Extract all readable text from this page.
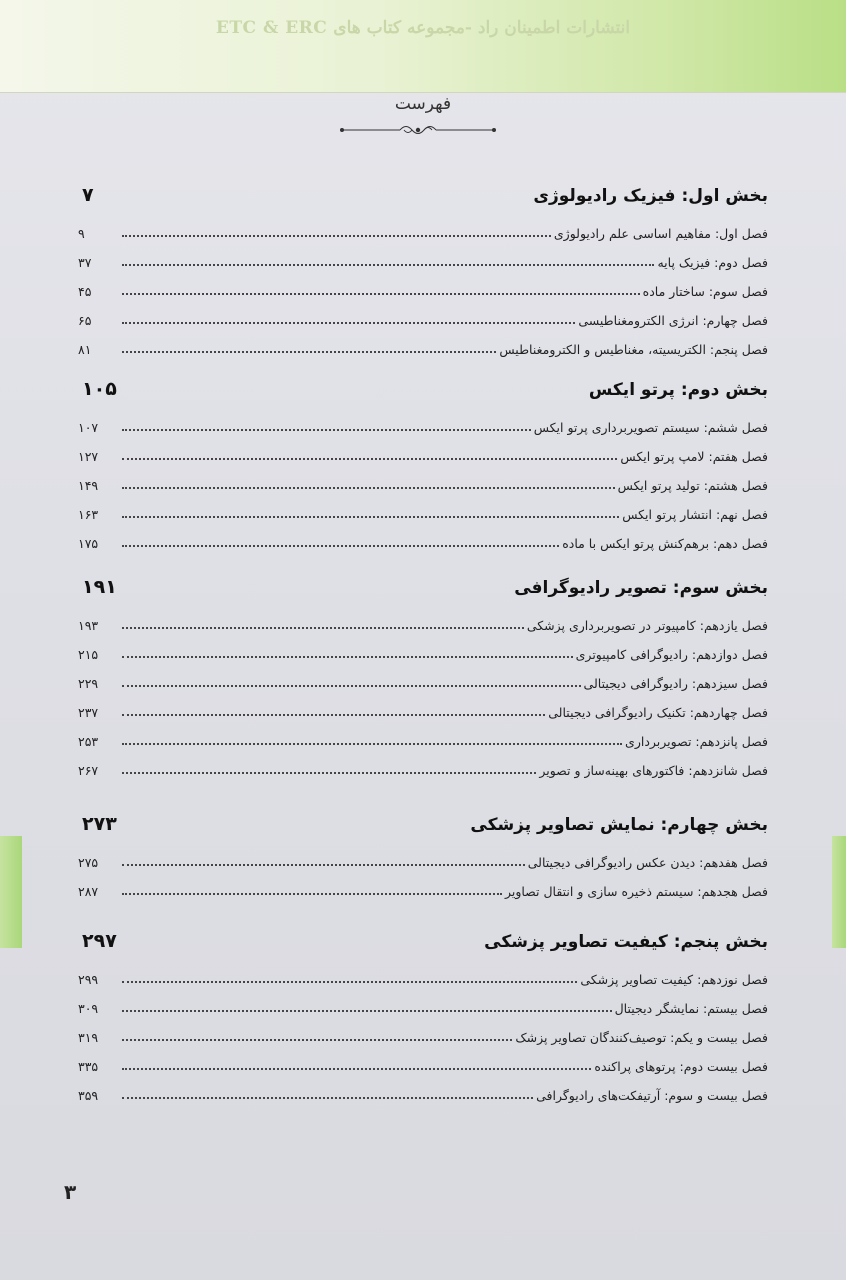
انتشارات اطمینان راد -مجموعه کتاب های ETC & ERC
فهرست
بخش اول: فیزیک رادیولوژی
۷
فصل اول: مفاهیم اساسی علم رادیولوژی
۹
فصل دوم: فیزیک پایه
۳۷
فصل سوم: ساختار ماده
۴۵
فصل چهارم: انرژی الکترومغناطیسی
۶۵
فصل پنجم: الکتریسیته، مغناطیس و الکترومغناطیس
۸۱
بخش دوم: پرتو ایکس
۱۰۵
فصل ششم: سیستم تصویربرداری پرتو ایکس
۱۰۷
فصل هفتم: لامپ پرتو ایکس
۱۲۷
فصل هشتم: تولید پرتو ایکس
۱۴۹
فصل نهم: انتشار پرتو ایکس
۱۶۳
فصل دهم: برهم‌کنش پرتو ایکس با ماده
۱۷۵
بخش سوم: تصویر رادیوگرافی
۱۹۱
فصل یازدهم: کامپیوتر در تصویربرداری پزشکی
۱۹۳
فصل دوازدهم: رادیوگرافی کامپیوتری
۲۱۵
فصل سیزدهم: رادیوگرافی دیجیتالی
۲۲۹
فصل چهاردهم: تکنیک رادیوگرافی دیجیتالی
۲۳۷
فصل پانزدهم: تصویربرداری
۲۵۳
فصل شانزدهم: فاکتورهای بهینه‌ساز و تصویر
۲۶۷
بخش چهارم: نمایش تصاویر پزشکی
۲۷۳
فصل هفدهم: دیدن عکس رادیوگرافی دیجیتالی
۲۷۵
فصل هجدهم: سیستم ذخیره سازی و انتقال تصاویر
۲۸۷
بخش پنجم: کیفیت تصاویر پزشکی
۲۹۷
فصل نوزدهم: کیفیت تصاویر پزشکی
۲۹۹
فصل بیستم: نمایشگر دیجیتال
۳۰۹
فصل بیست و یکم: توصیف‌کنندگان تصاویر پزشک
۳۱۹
فصل بیست دوم: پرتوهای پراکنده
۳۳۵
فصل بیست و سوم: آرتیفکت‌های رادیوگرافی
۳۵۹
۳
